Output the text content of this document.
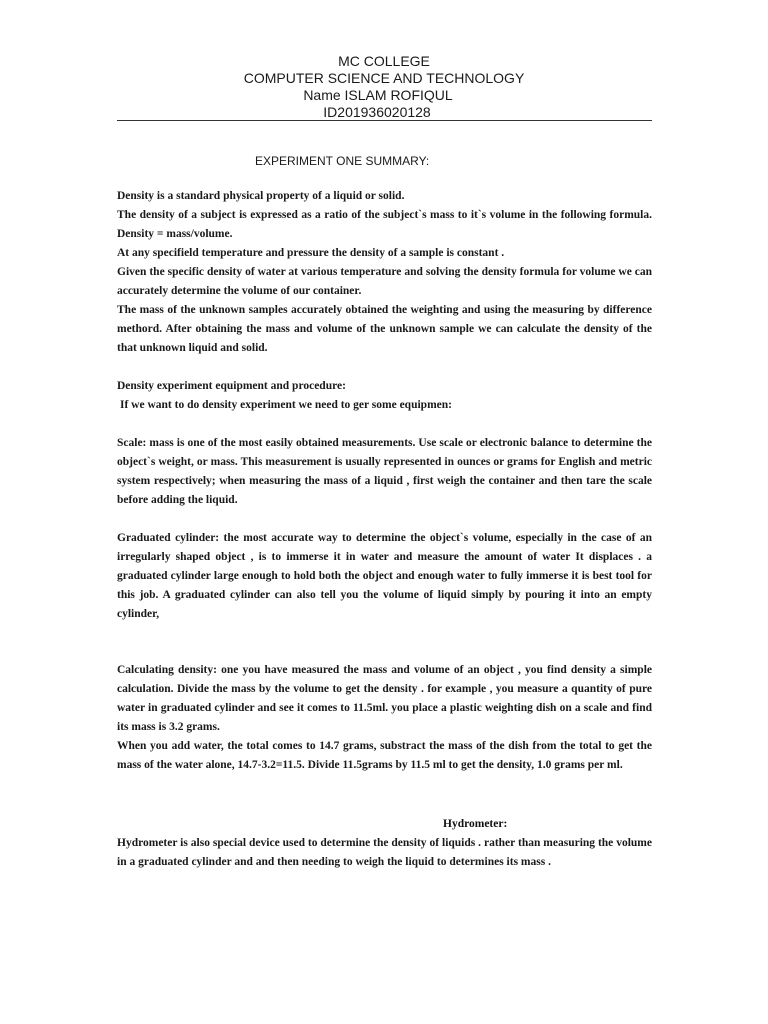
MC COLLEGE
COMPUTER SCIENCE AND TECHNOLOGY
Name ISLAM ROFIQUL
ID201936020128
EXPERIMENT ONE SUMMARY:

Density is a standard physical property of a liquid or solid.

The density of a subject is expressed as a ratio of the subject`s mass to it`s volume in the following formula. Density = mass/volume.

At any specifield temperature and pressure the density of a sample is constant .

Given the specific density of water at various temperature and solving the density formula for volume we can accurately determine the volume of our container.

The mass of the unknown samples accurately obtained the weighting and using the measuring by difference methord. After obtaining the mass and volume of the unknown sample we can calculate the density of the that unknown liquid and solid.

Density experiment equipment and procedure:

If we want to do density experiment we need to ger some equipmen:

Scale: mass is one of the most easily obtained measurements. Use scale or electronic balance to determine the object`s weight, or mass. This measurement is usually represented in ounces or grams for English and metric system respectively; when measuring the mass of a liquid , first weigh the container and then tare the scale before adding the liquid.

Graduated cylinder: the most accurate way to determine the object`s volume, especially in the case of an irregularly shaped object , is to immerse it in water and measure the amount of water It displaces . a graduated cylinder large enough to hold both the object and enough water to fully immerse it is best tool for this job. A graduated cylinder can also tell you the volume of liquid simply by pouring it into an empty cylinder,

Calculating density: one you have measured the mass and volume of an object , you find density a simple calculation. Divide the mass by the volume to get the density . for example , you measure a quantity of pure water in graduated cylinder and see it comes to 11.5ml. you place a plastic weighting dish on a scale and find its mass is 3.2 grams.

When you add water, the total comes to 14.7 grams, substract the mass of the dish from the total to get the mass of the water alone, 14.7-3.2=11.5. Divide 11.5grams by 11.5 ml to get the density, 1.0 grams per ml.

Hydrometer:

Hydrometer is also special device used to determine the density of liquids . rather than measuring the volume in a graduated cylinder and and then needing to weigh the liquid to determines its mass .
